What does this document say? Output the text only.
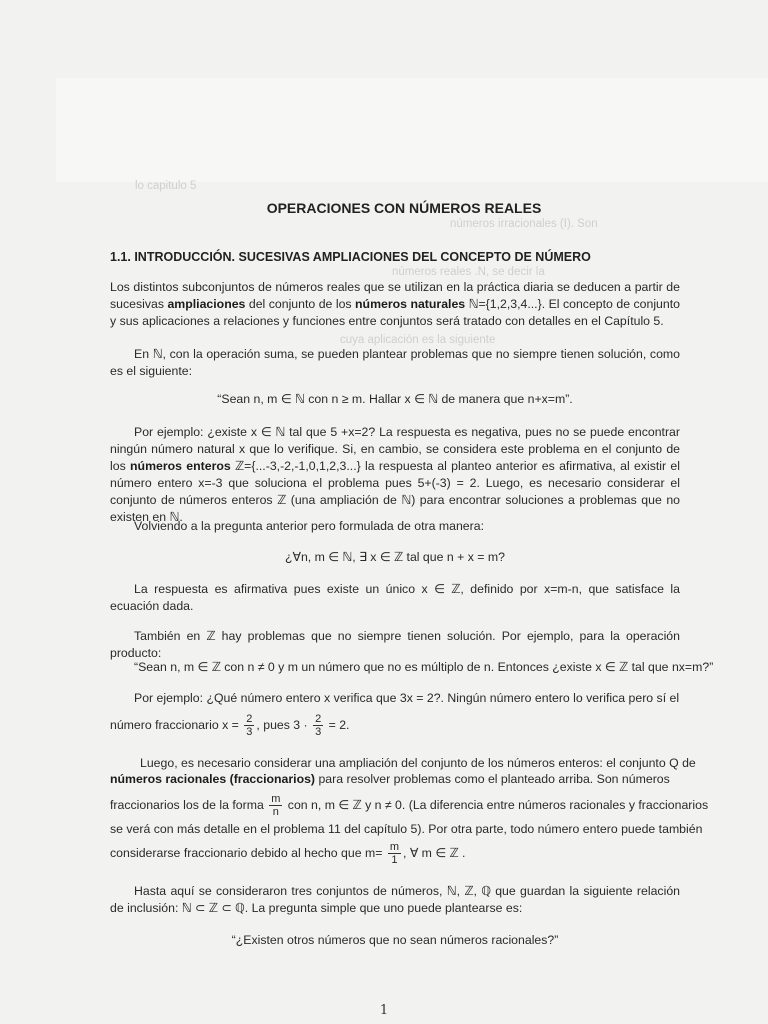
lo capitulo 5
números irracionales (I). Son
números reales .N, se decir la
cuya aplicación es la siguiente
OPERACIONES CON NÚMEROS REALES
1.1. INTRODUCCIÓN. SUCESIVAS AMPLIACIONES DEL CONCEPTO DE NÚMERO
Los distintos subconjuntos de números reales que se utilizan en la práctica diaria se deducen a partir de sucesivas ampliaciones del conjunto de los números naturales ℕ={1,2,3,4...}. El concepto de conjunto y sus aplicaciones a relaciones y funciones entre conjuntos será tratado con detalles en el Capítulo 5.
En ℕ, con la operación suma, se pueden plantear problemas que no siempre tienen solución, como es el siguiente:
“Sean n, m ∈ ℕ con n ≥ m. Hallar x ∈ ℕ de manera que n+x=m”.
Por ejemplo: ¿existe x ∈ ℕ tal que 5 +x=2? La respuesta es negativa, pues no se puede encontrar ningún número natural x que lo verifique. Si, en cambio, se considera este problema en el conjunto de los números enteros ℤ={...-3,-2,-1,0,1,2,3...} la respuesta al planteo anterior es afirmativa, al existir el número entero x=-3 que soluciona el problema pues 5+(-3) = 2. Luego, es necesario considerar el conjunto de números enteros ℤ (una ampliación de ℕ) para encontrar soluciones a problemas que no existen en ℕ.
Volviendo a la pregunta anterior pero formulada de otra manera:
¿∀n, m ∈ ℕ, ∃ x ∈ ℤ tal que n + x = m?
La respuesta es afirmativa pues existe un único x ∈ ℤ, definido por x=m-n, que satisface la ecuación dada.
También en ℤ hay problemas que no siempre tienen solución. Por ejemplo, para la operación producto:
“Sean n, m ∈ ℤ con n ≠ 0 y m un número que no es múltiplo de n. Entonces ¿existe x ∈ ℤ tal que nx=m?”
Por ejemplo: ¿Qué número entero x verifica que 3x = 2?. Ningún número entero lo verifica pero sí el
número fraccionario $x = \frac{2}{3}$ , pues $3 \cdot \frac{2}{3} = 2$.
Luego, es necesario considerar una ampliación del conjunto de los números enteros: el conjunto Q de
números racionales (fraccionarios) para resolver problemas como el planteado arriba. Son números
fraccionarios los de la forma $\frac{m}{n}$ con n, m ∈ ℤ y n ≠ 0. (La diferencia entre números racionales y fraccionarios
se verá con más detalle en el problema 11 del capítulo 5). Por otra parte, todo número entero puede también
considerarse fraccionario debido al hecho que $m= \frac{m}{1}$ , ∀ m ∈ ℤ .
Hasta aquí se consideraron tres conjuntos de números, ℕ, ℤ, ℚ que guardan la siguiente relación de inclusión: ℕ ⊂ ℤ ⊂ ℚ. La pregunta simple que uno puede plantearse es:
“¿Existen otros números que no sean números racionales?”
1
